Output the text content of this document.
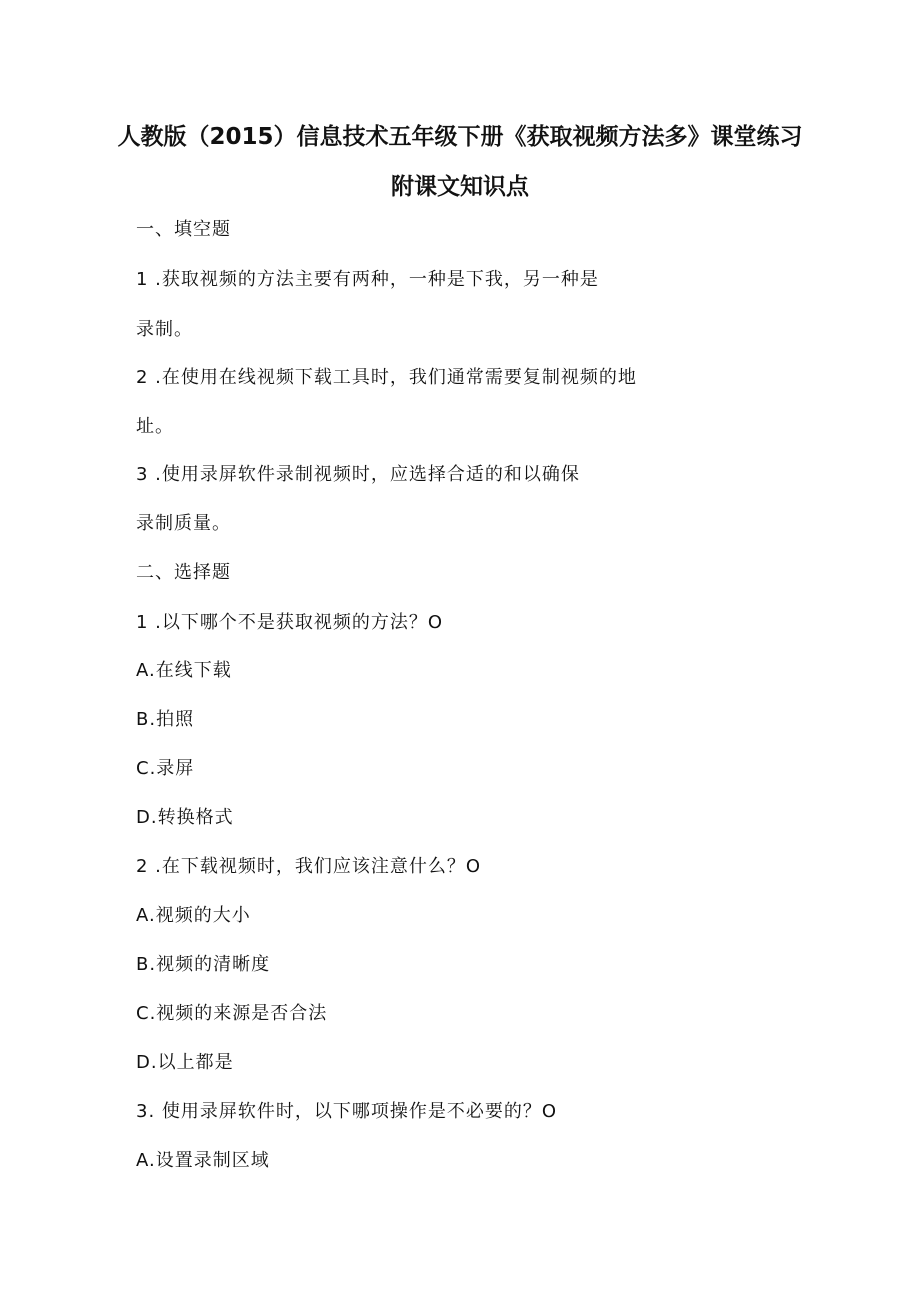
人教版（2015）信息技术五年级下册《获取视频方法多》课堂练习
附课文知识点
一、填空题
1 .获取视频的方法主要有两种，一种是下我，另一种是
录制。
2 .在使用在线视频下载工具时，我们通常需要复制视频的地
址。
3 .使用录屏软件录制视频时，应选择合适的和以确保
录制质量。
二、选择题
1 .以下哪个不是获取视频的方法？O
A.在线下载
B.拍照
C.录屏
D.转换格式
2 .在下载视频时，我们应该注意什么？O
A.视频的大小
B.视频的清晰度
C.视频的来源是否合法
D.以上都是
3. 使用录屏软件时，以下哪项操作是不必要的？O
A.设置录制区域
